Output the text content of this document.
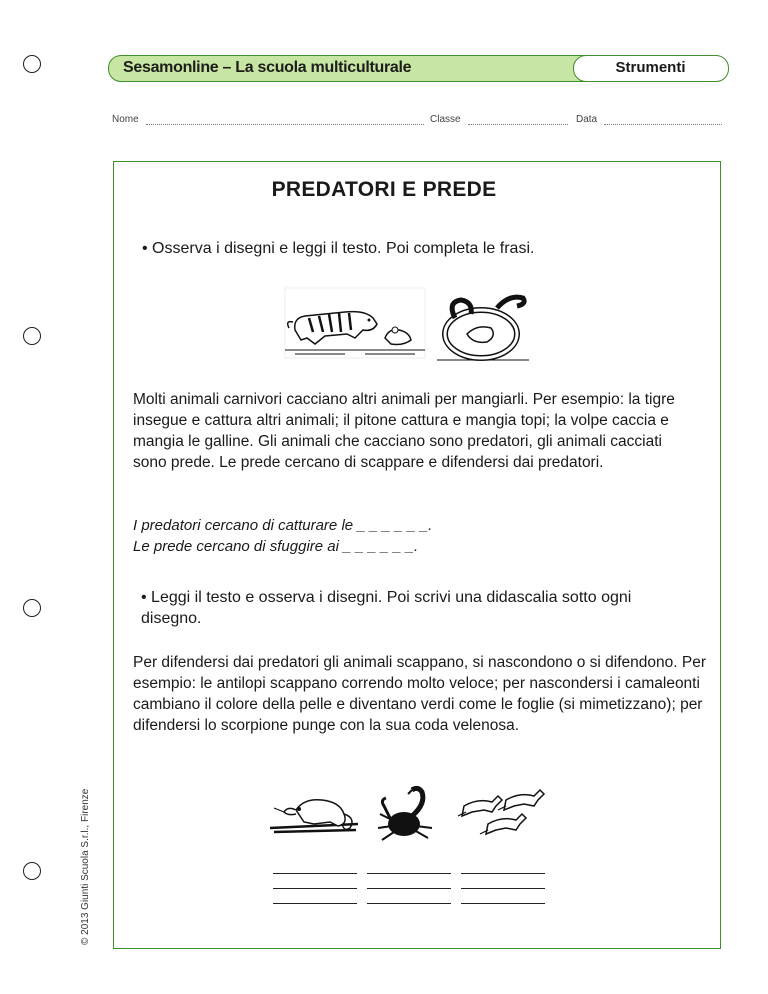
Sesamonline – La scuola multiculturale	Strumenti
Nome	Classe	Data
© 2013 Giunti Scuola S.r.l., Firenze
PREDATORI E PREDE
• Osserva i disegni e leggi il testo. Poi completa le frasi.
Molti animali carnivori cacciano altri animali per mangiarli. Per esempio: la tigre insegue e cattura altri animali; il pitone cattura e mangia topi; la volpe caccia e mangia le galline. Gli animali che cacciano sono predatori, gli animali cacciati sono prede. Le prede cercano di scappare e difendersi dai predatori.
I predatori cercano di catturare le _ _ _ _ _ _.
Le prede cercano di sfuggire ai _ _ _ _ _ _.
• Leggi il testo e osserva i disegni. Poi scrivi una didascalia sotto ogni disegno.
Per difendersi dai predatori gli animali scappano, si nascondono o si difendono. Per esempio: le antilopi scappano correndo molto veloce; per nascondersi i camaleonti cambiano il colore della pelle e diventano verdi come le foglie (si mimetizzano); per difendersi lo scorpione punge con la sua coda velenosa.
